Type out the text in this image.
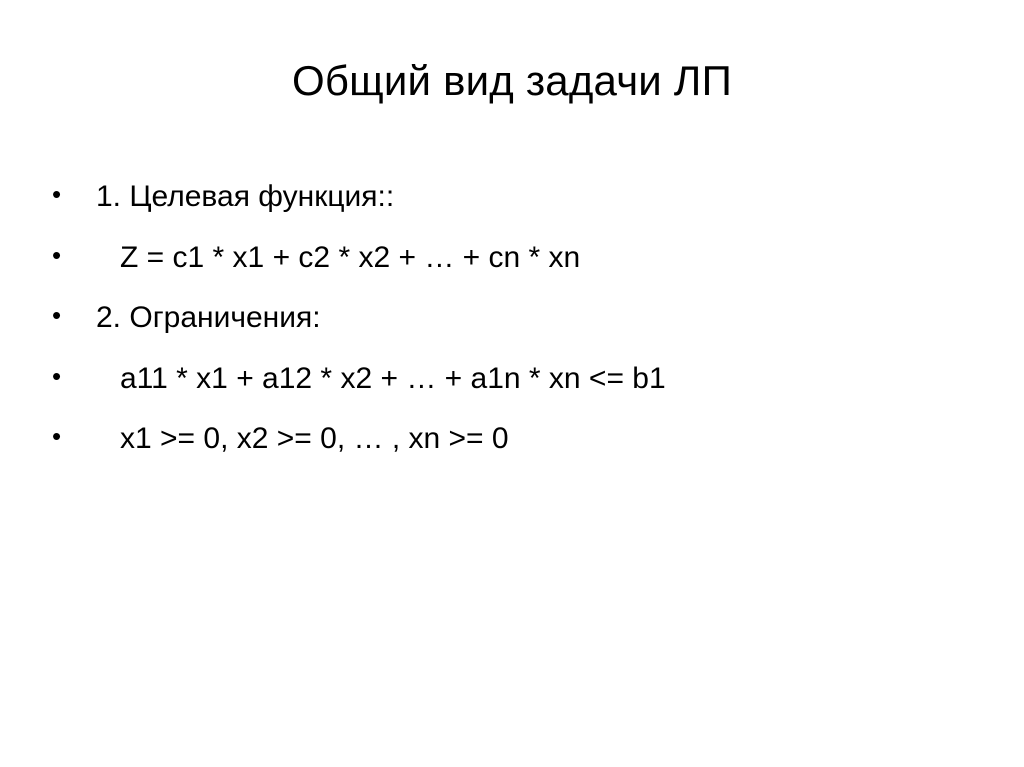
Общий вид задачи ЛП
•	1. Целевая функция::
•	Z = c1 * x1 + c2 * x2 + … + cn * xn
•	2. Ограничения:
•	a11 * x1 + a12 * x2 + … + a1n * xn <= b1
•	x1 >= 0, x2 >= 0, … , xn >= 0
